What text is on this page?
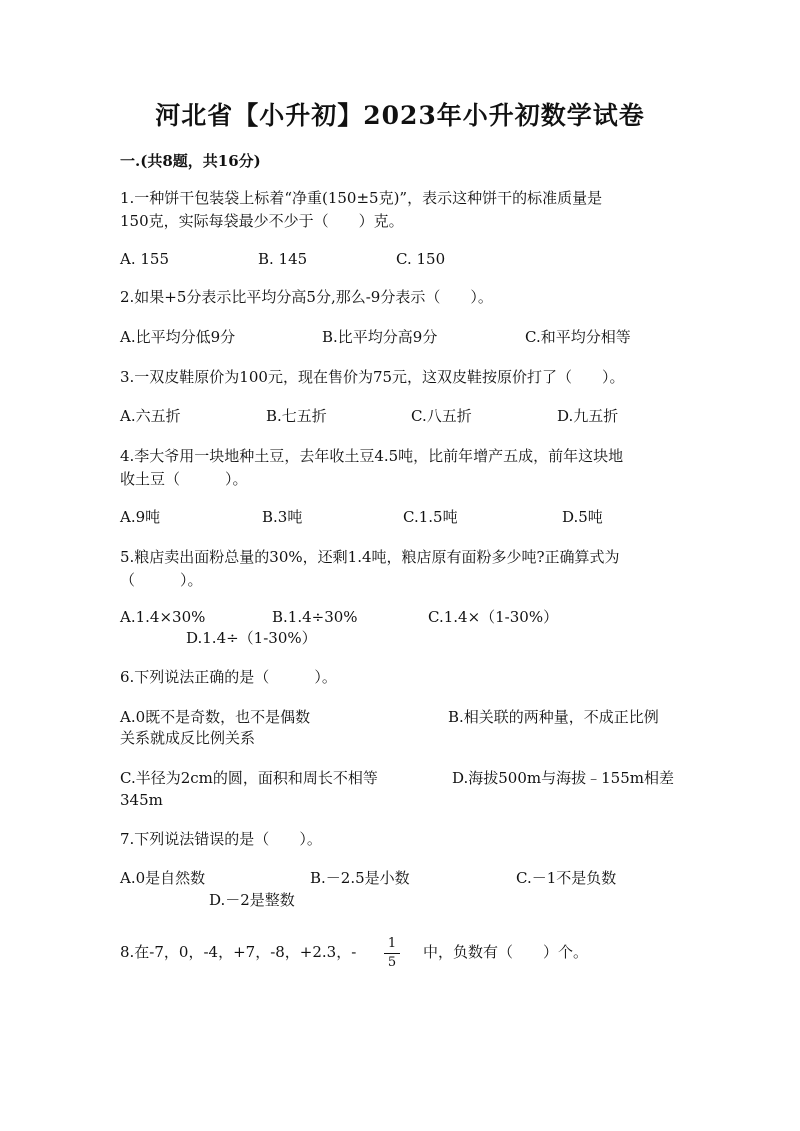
河北省【小升初】2023年小升初数学试卷
一.(共8题，共16分)
1.一种饼干包装袋上标着“净重(150±5克)”，表示这种饼干的标准质量是
150克，实际每袋最少不少于（　　）克。
A. 155	B. 145	C. 150
2.如果+5分表示比平均分高5分,那么-9分表示（　　）。
A.比平均分低9分	B.比平均分高9分	C.和平均分相等
3.一双皮鞋原价为100元，现在售价为75元，这双皮鞋按原价打了（　　）。
A.六五折	B.七五折	C.八五折	D.九五折
4.李大爷用一块地种土豆，去年收土豆4.5吨，比前年增产五成，前年这块地
收土豆（　　　）。
A.9吨	B.3吨	C.1.5吨	D.5吨
5.粮店卖出面粉总量的30%，还剩1.4吨，粮店原有面粉多少吨?正确算式为
（　　　）。
A.1.4×30%	B.1.4÷30%	C.1.4×（1-30%）
D.1.4÷（1-30%）
6.下列说法正确的是（　　　）。
A.0既不是奇数，也不是偶数	B.相关联的两种量，不成正比例
关系就成反比例关系
C.半径为2cm的圆，面积和周长不相等	D.海拔500m与海拔﹣155m相差
345m
7.下列说法错误的是（　　）。
A.0是自然数	B.－2.5是小数	C.－1不是负数
D.－2是整数
8.在-7，0，-4，+7，-8，+2.3，- 1
5
中，负数有（　　）个。
